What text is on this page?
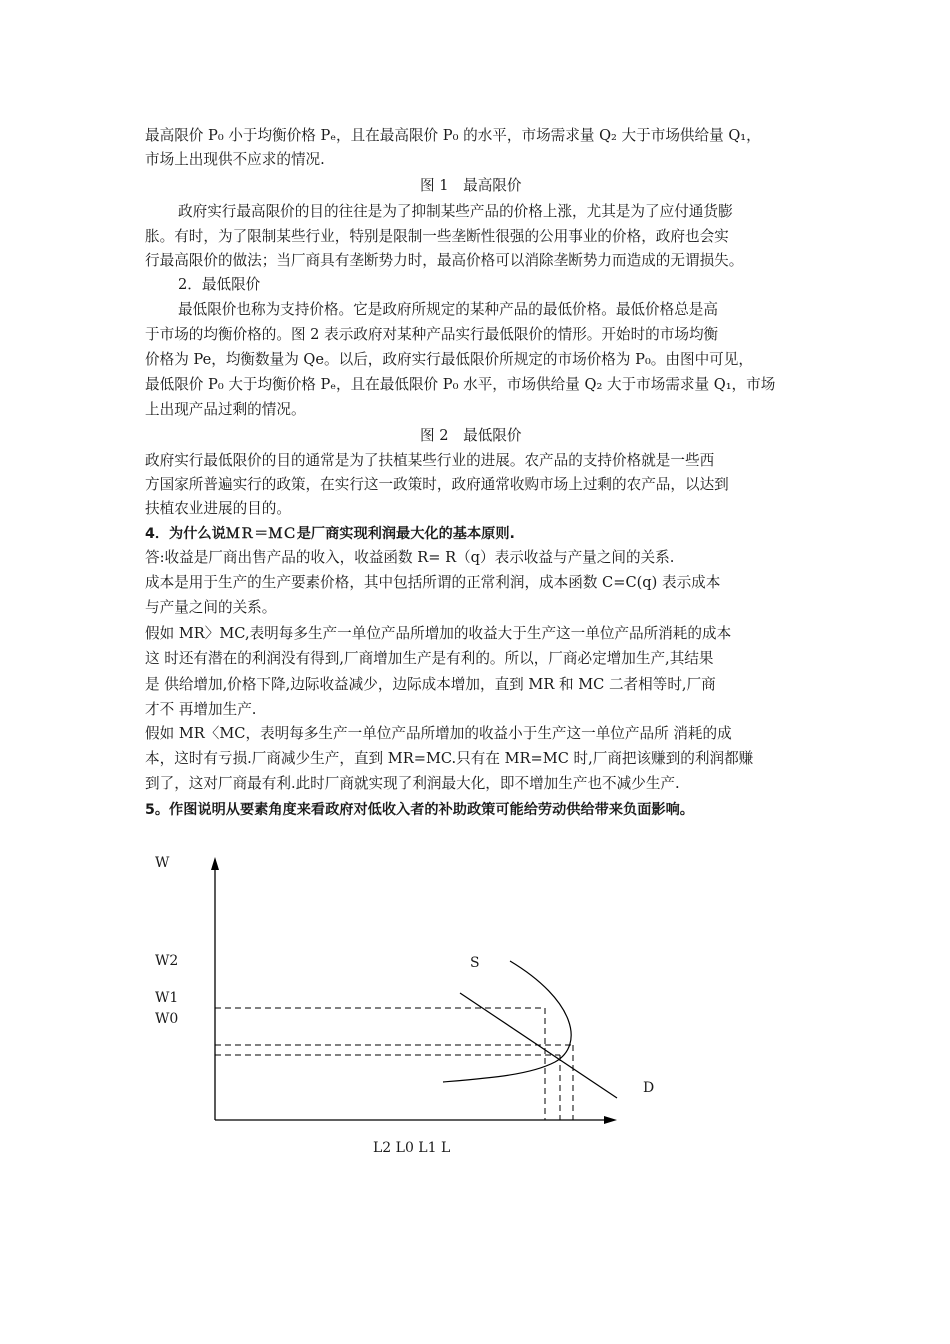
最高限价 P₀ 小于均衡价格 Pₑ，且在最高限价 P₀ 的水平，市场需求量 Q₂ 大于市场供给量 Q₁，
市场上出现供不应求的情况.
图 1　最高限价
政府实行最高限价的目的往往是为了抑制某些产品的价格上涨，尤其是为了应付通货膨
胀。有时，为了限制某些行业，特别是限制一些垄断性很强的公用事业的价格，政府也会实
行最高限价的做法；当厂商具有垄断势力时，最高价格可以消除垄断势力而造成的无谓损失。
2．最低限价
最低限价也称为支持价格。它是政府所规定的某种产品的最低价格。最低价格总是高
于市场的均衡价格的。图 2 表示政府对某种产品实行最低限价的情形。开始时的市场均衡
价格为 Pe，均衡数量为 Qe。以后，政府实行最低限价所规定的市场价格为 P₀。由图中可见，
最低限价 P₀ 大于均衡价格 Pₑ，且在最低限价 P₀ 水平，市场供给量 Q₂ 大于市场需求量 Q₁，市场
上出现产品过剩的情况。
图 2　最低限价
政府实行最低限价的目的通常是为了扶植某些行业的进展。农产品的支持价格就是一些西
方国家所普遍实行的政策，在实行这一政策时，政府通常收购市场上过剩的农产品，以达到
扶植农业进展的目的。
4．为什么说ＭＲ＝ＭＣ是厂商实现利润最大化的基本原则.
答:收益是厂商出售产品的收入，收益函数 R= R（q）表示收益与产量之间的关系.
成本是用于生产的生产要素价格，其中包括所谓的正常利润，成本函数 C=C(q) 表示成本
与产量之间的关系。
假如 MR〉MC,表明每多生产一单位产品所增加的收益大于生产这一单位产品所消耗的成本
这 时还有潜在的利润没有得到,厂商增加生产是有利的。所以，厂商必定增加生产,其结果
是 供给增加,价格下降,边际收益减少，边际成本增加，直到 MR 和 MC 二者相等时,厂商
才不 再增加生产.
假如 MR〈MC，表明每多生产一单位产品所增加的收益小于生产这一单位产品所 消耗的成
本，这时有亏损.厂商减少生产，直到 MR=MC.只有在 MR=MC 时,厂商把该赚到的利润都赚
到了，这对厂商最有利.此时厂商就实现了利润最大化，即不增加生产也不减少生产.
5。作图说明从要素角度来看政府对低收入者的补助政策可能给劳动供给带来负面影响。
W
W2
W1
W0
S
D
L2 L0 L1 L
